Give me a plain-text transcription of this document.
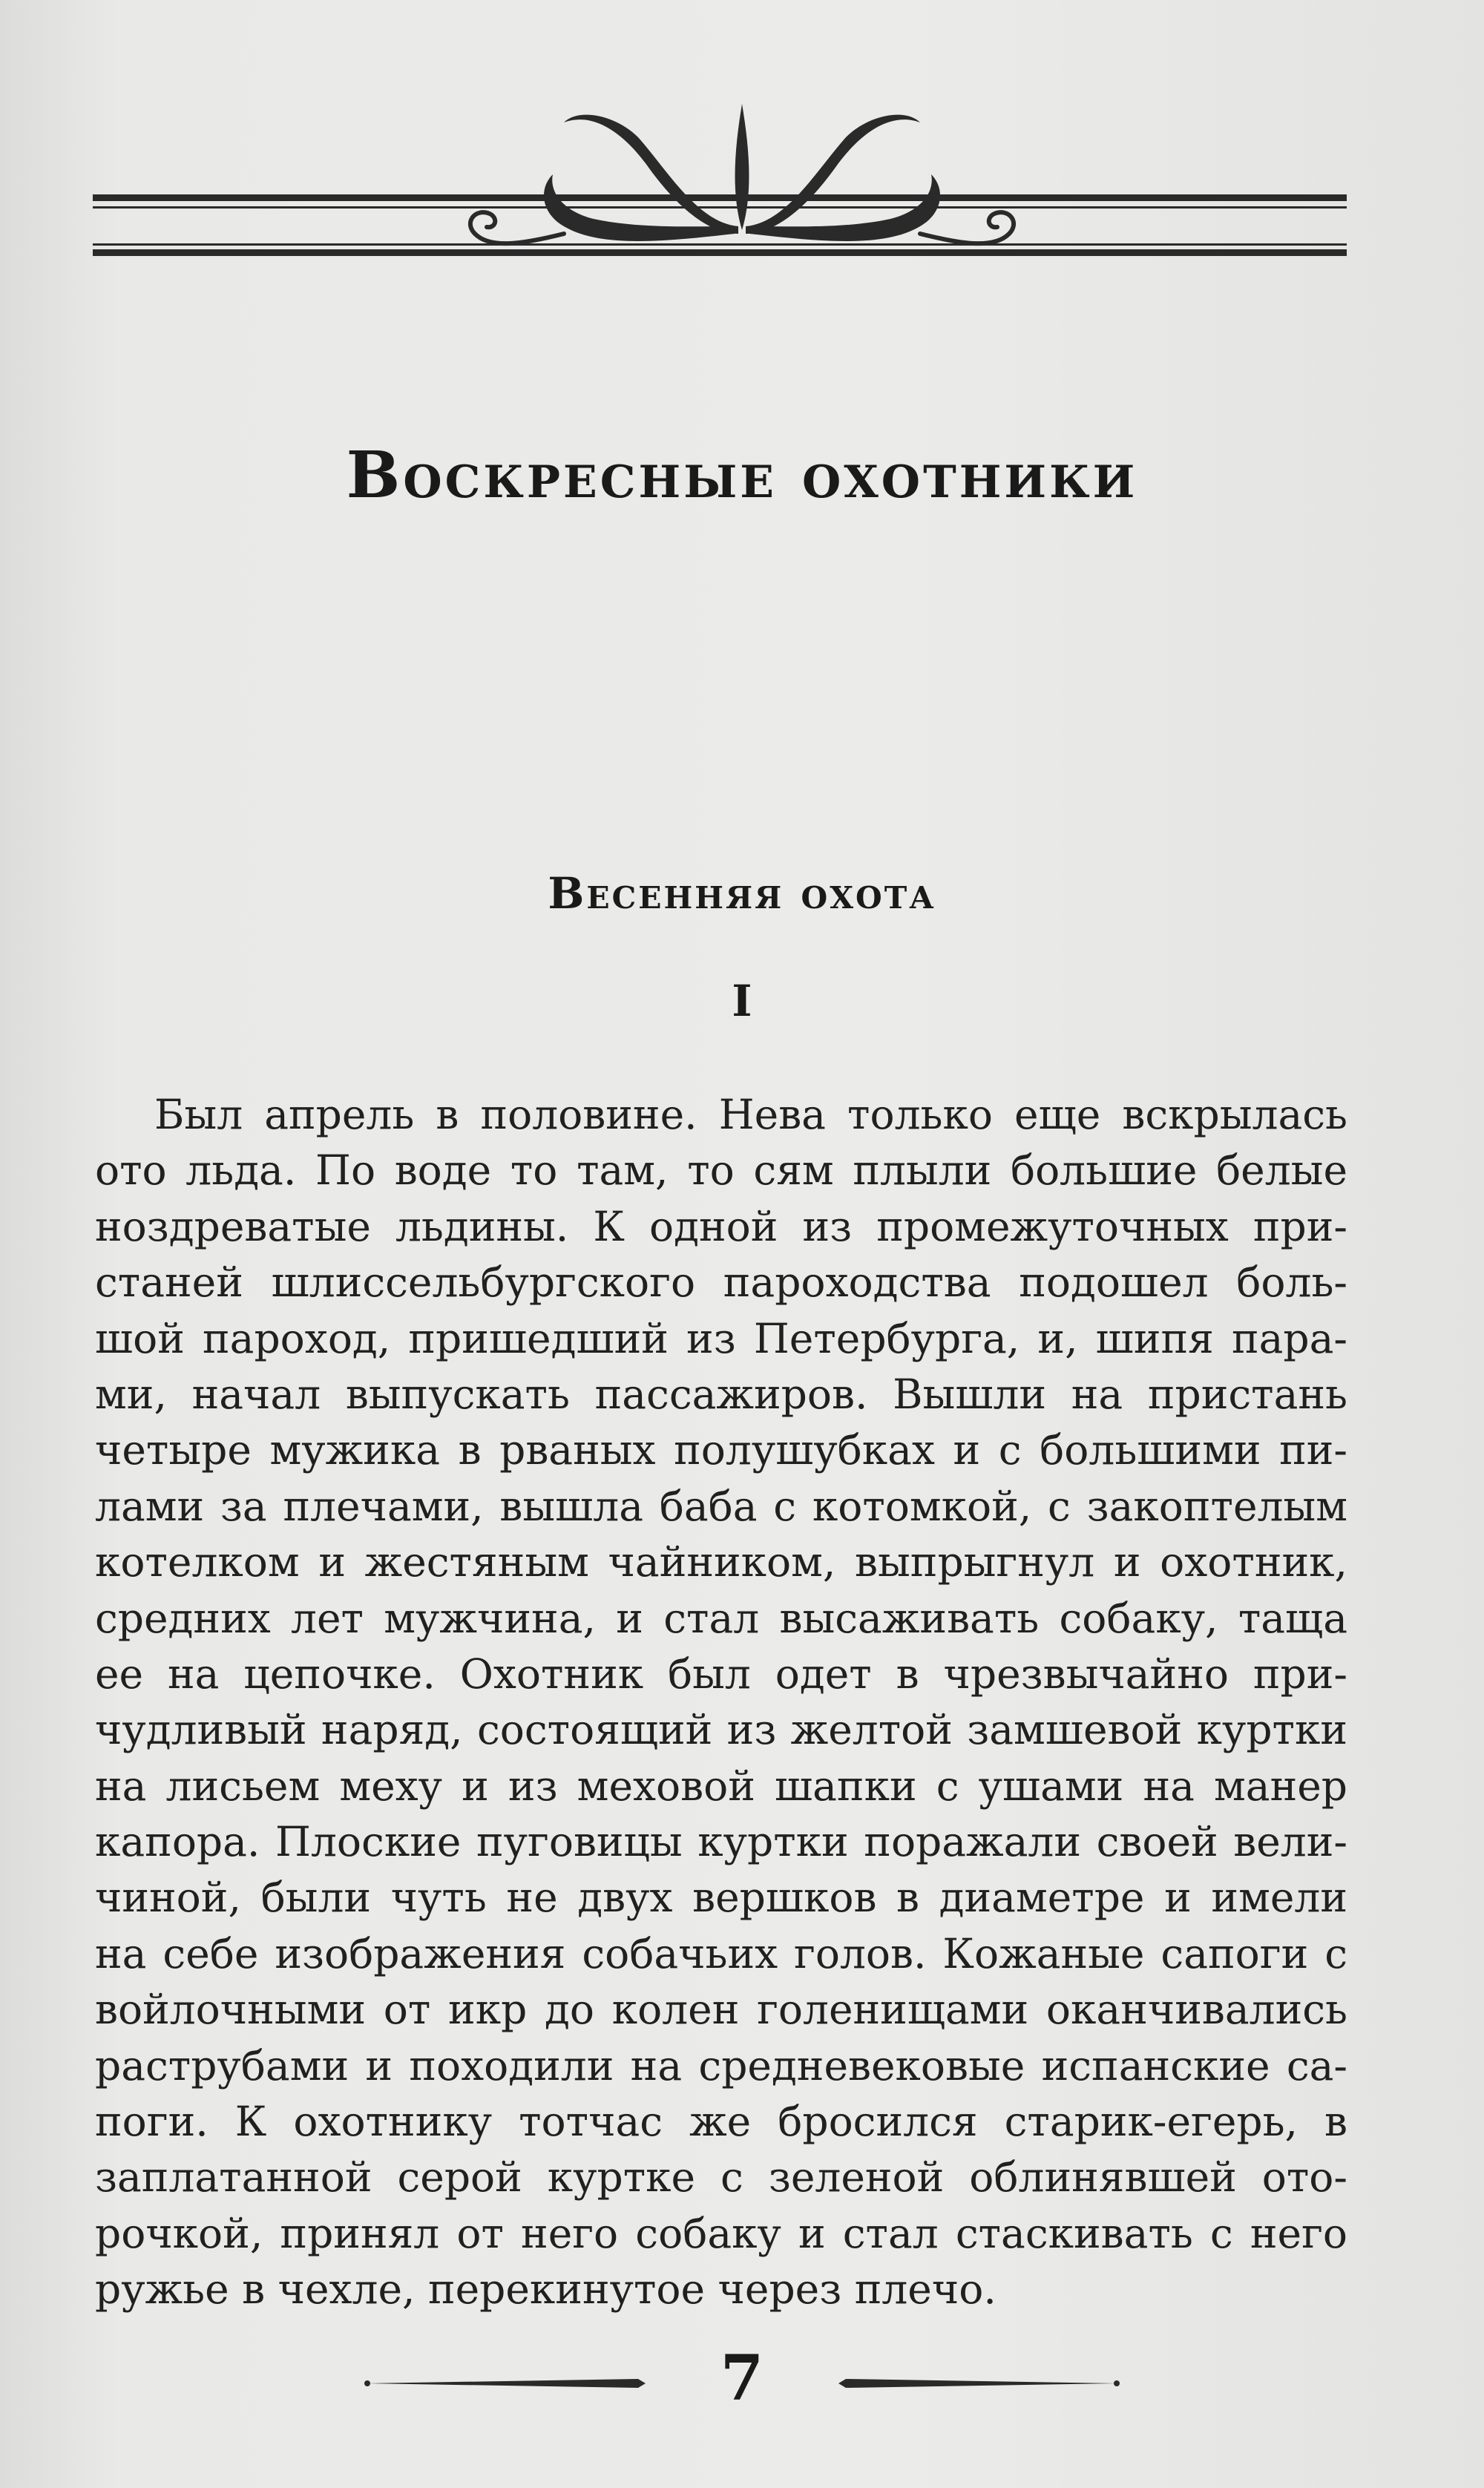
Воскресные охотники
Весенняя охота
I
Был апрель в половине. Нева только еще вскрылась
ото льда. По воде то там, то сям плыли большие белые
ноздреватые льдины. К одной из промежуточных при-
станей шлиссельбургского пароходства подошел боль-
шой пароход, пришедший из Петербурга, и, шипя пара-
ми, начал выпускать пассажиров. Вышли на пристань
четыре мужика в рваных полушубках и с большими пи-
лами за плечами, вышла баба с котомкой, с закоптелым
котелком и жестяным чайником, выпрыгнул и охотник,
средних лет мужчина, и стал высаживать собаку, таща
ее на цепочке. Охотник был одет в чрезвычайно при-
чудливый наряд, состоящий из желтой замшевой куртки
на лисьем меху и из меховой шапки с ушами на манер
капора. Плоские пуговицы куртки поражали своей вели-
чиной, были чуть не двух вершков в диаметре и имели
на себе изображения собачьих голов. Кожаные сапоги с
войлочными от икр до колен голенищами оканчивались
раструбами и походили на средневековые испанские са-
поги. К охотнику тотчас же бросился старик-егерь, в
заплатанной серой куртке с зеленой облинявшей ото-
рочкой, принял от него собаку и стал стаскивать с него
ружье в чехле, перекинутое через плечо.
7
